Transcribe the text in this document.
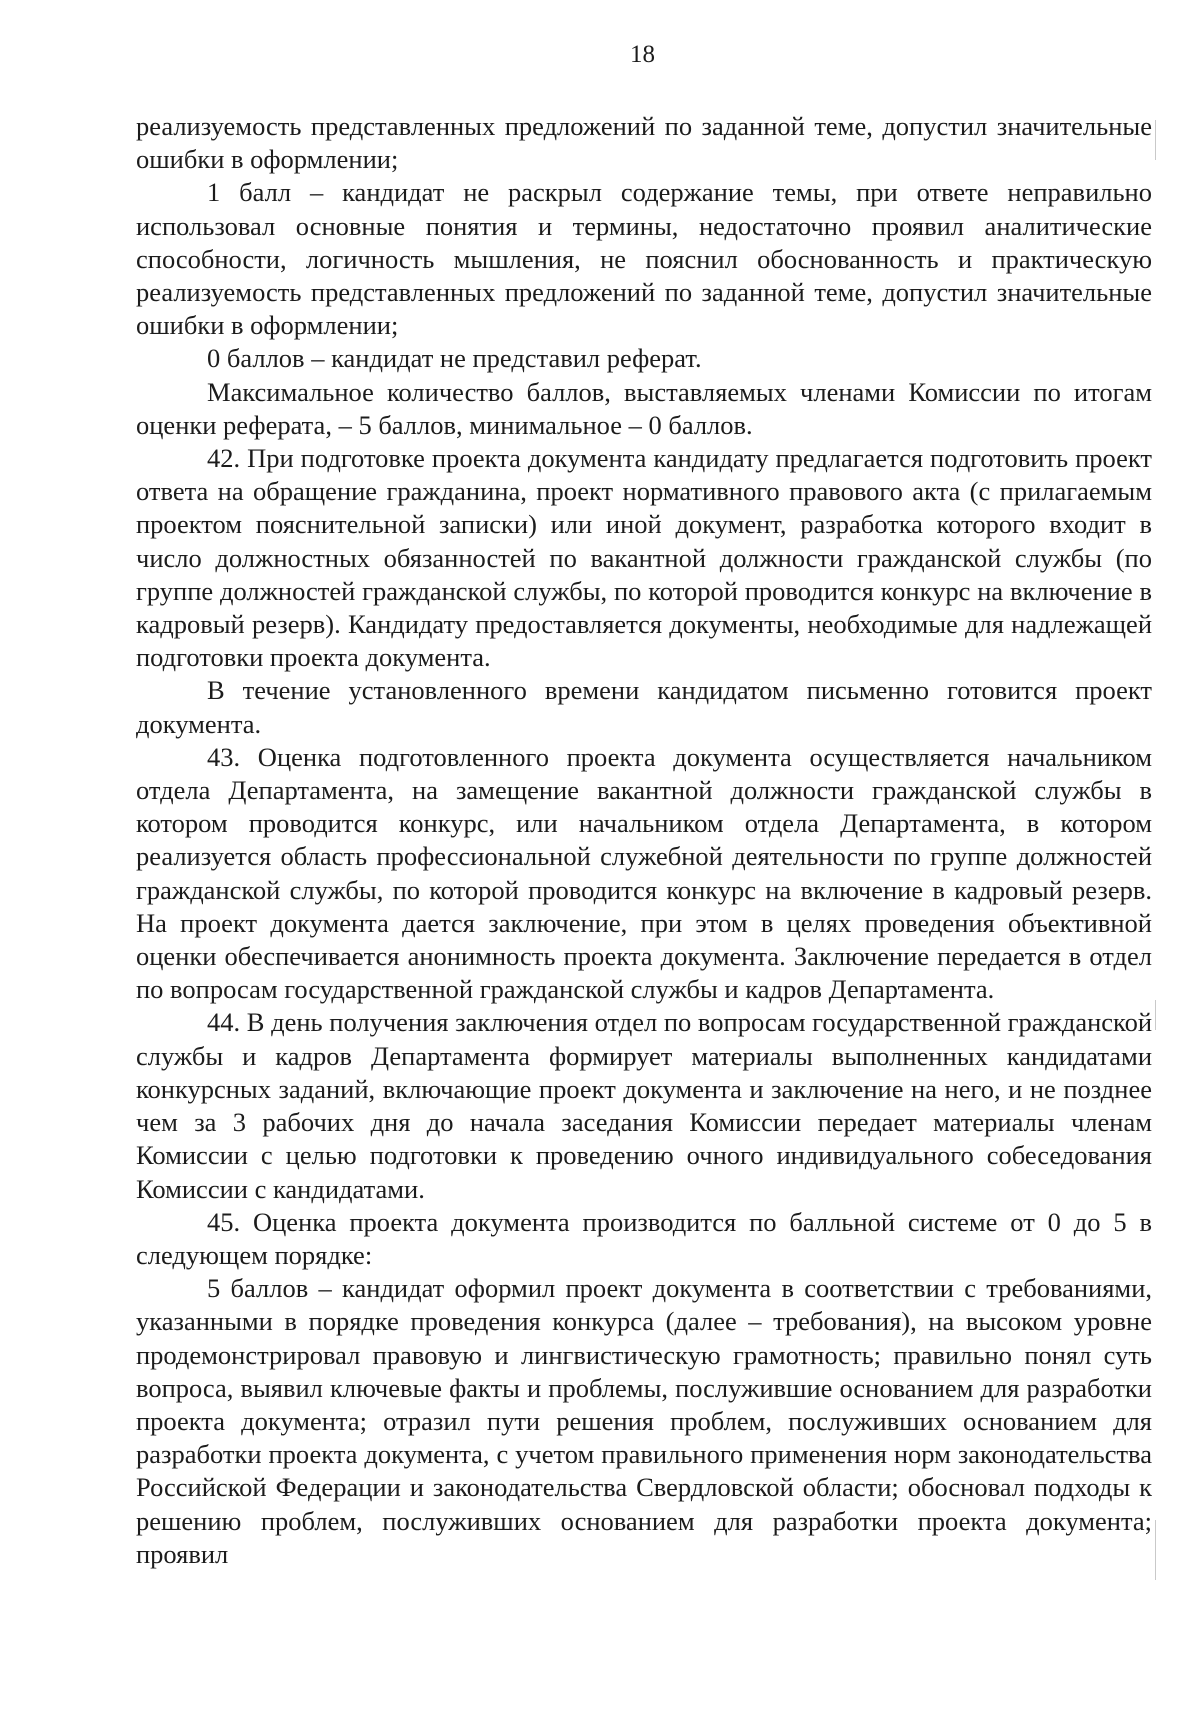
18

реализуемость представленных предложений по заданной теме, допустил значительные ошибки в оформлении;

1 балл – кандидат не раскрыл содержание темы, при ответе неправильно использовал основные понятия и термины, недостаточно проявил аналитические способности, логичность мышления, не пояснил обоснованность и практическую реализуемость представленных предложений по заданной теме, допустил значительные ошибки в оформлении;

0 баллов – кандидат не представил реферат.

Максимальное количество баллов, выставляемых членами Комиссии по итогам оценки реферата, – 5 баллов, минимальное – 0 баллов.

42. При подготовке проекта документа кандидату предлагается подготовить проект ответа на обращение гражданина, проект нормативного правового акта (с прилагаемым проектом пояснительной записки) или иной документ, разработка которого входит в число должностных обязанностей по вакантной должности гражданской службы (по группе должностей гражданской службы, по которой проводится конкурс на включение в кадровый резерв). Кандидату предоставляется документы, необходимые для надлежащей подготовки проекта документа.

В течение установленного времени кандидатом письменно готовится проект документа.

43. Оценка подготовленного проекта документа осуществляется начальником отдела Департамента, на замещение вакантной должности гражданской службы в котором проводится конкурс, или начальником отдела Департамента, в котором реализуется область профессиональной служебной деятельности по группе должностей гражданской службы, по которой проводится конкурс на включение в кадровый резерв. На проект документа дается заключение, при этом в целях проведения объективной оценки обеспечивается анонимность проекта документа. Заключение передается в отдел по вопросам государственной гражданской службы и кадров Департамента.

44. В день получения заключения отдел по вопросам государственной гражданской службы и кадров Департамента формирует материалы выполненных кандидатами конкурсных заданий, включающие проект документа и заключение на него, и не позднее чем за 3 рабочих дня до начала заседания Комиссии передает материалы членам Комиссии с целью подготовки к проведению очного индивидуального собеседования Комиссии с кандидатами.

45. Оценка проекта документа производится по балльной системе от 0 до 5 в следующем порядке:

5 баллов – кандидат оформил проект документа в соответствии с требованиями, указанными в порядке проведения конкурса (далее – требования), на высоком уровне продемонстрировал правовую и лингвистическую грамотность; правильно понял суть вопроса, выявил ключевые факты и проблемы, послужившие основанием для разработки проекта документа; отразил пути решения проблем, послуживших основанием для разработки проекта документа, с учетом правильного применения норм законодательства Российской Федерации и законодательства Свердловской области; обосновал подходы к решению проблем, послуживших основанием для разработки проекта документа; проявил
